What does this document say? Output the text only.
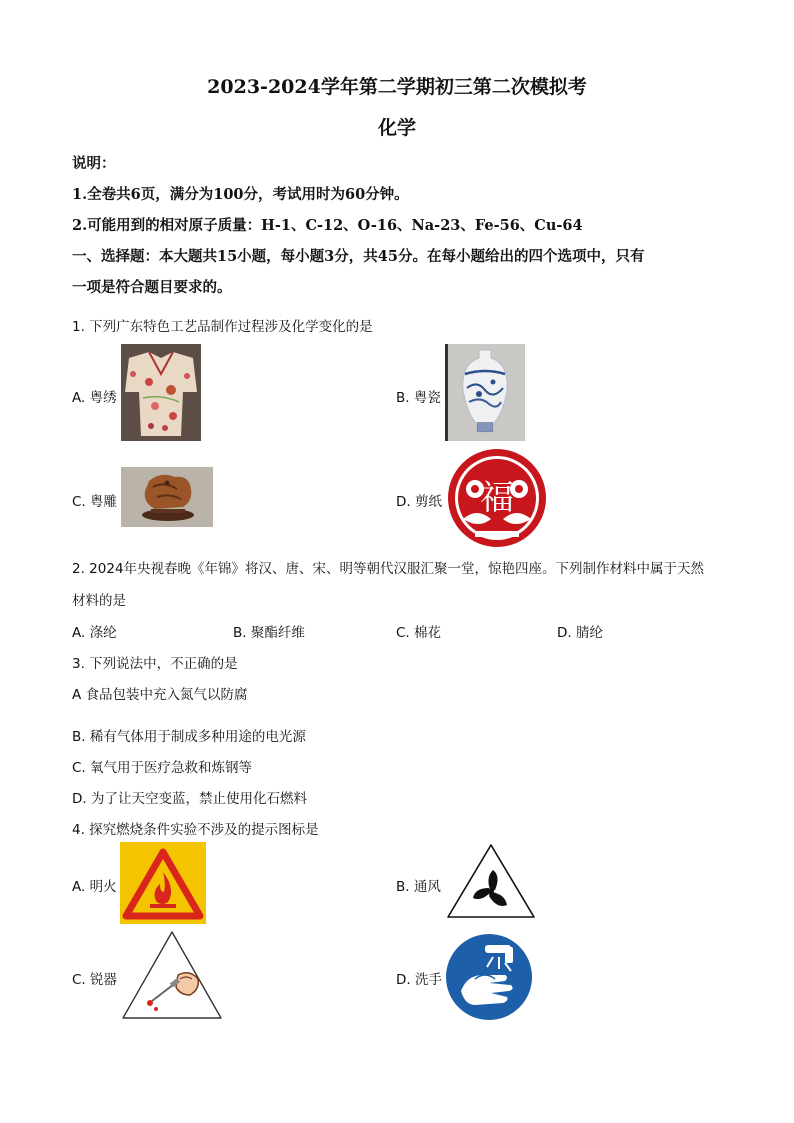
2023-2024学年第二学期初三第二次模拟考
化学
说明：
1.全卷共6页，满分为100分，考试用时为60分钟。
2.可能用到的相对原子质量：H-1、C-12、O-16、Na-23、Fe-56、Cu-64
一、选择题：本大题共15小题，每小题3分，共45分。在每小题给出的四个选项中，只有
一项是符合题目要求的。
1. 下列广东特色工艺品制作过程涉及化学变化的是
A. 粤绣	B. 粤瓷
C. 粤雕	D. 剪纸 福
2. 2024年央视春晚《年锦》将汉、唐、宋、明等朝代汉服汇聚一堂，惊艳四座。下列制作材料中属于天然
材料的是
A. 涤纶	B. 聚酯纤维	C. 棉花	D. 腈纶
3. 下列说法中，不正确的是
A 食品包装中充入氮气以防腐
B. 稀有气体用于制成多种用途的电光源
C. 氧气用于医疗急救和炼钢等
D. 为了让天空变蓝，禁止使用化石燃料
4. 探究燃烧条件实验不涉及的提示图标是
A. 明火	B. 通风
C. 锐器	D. 洗手
